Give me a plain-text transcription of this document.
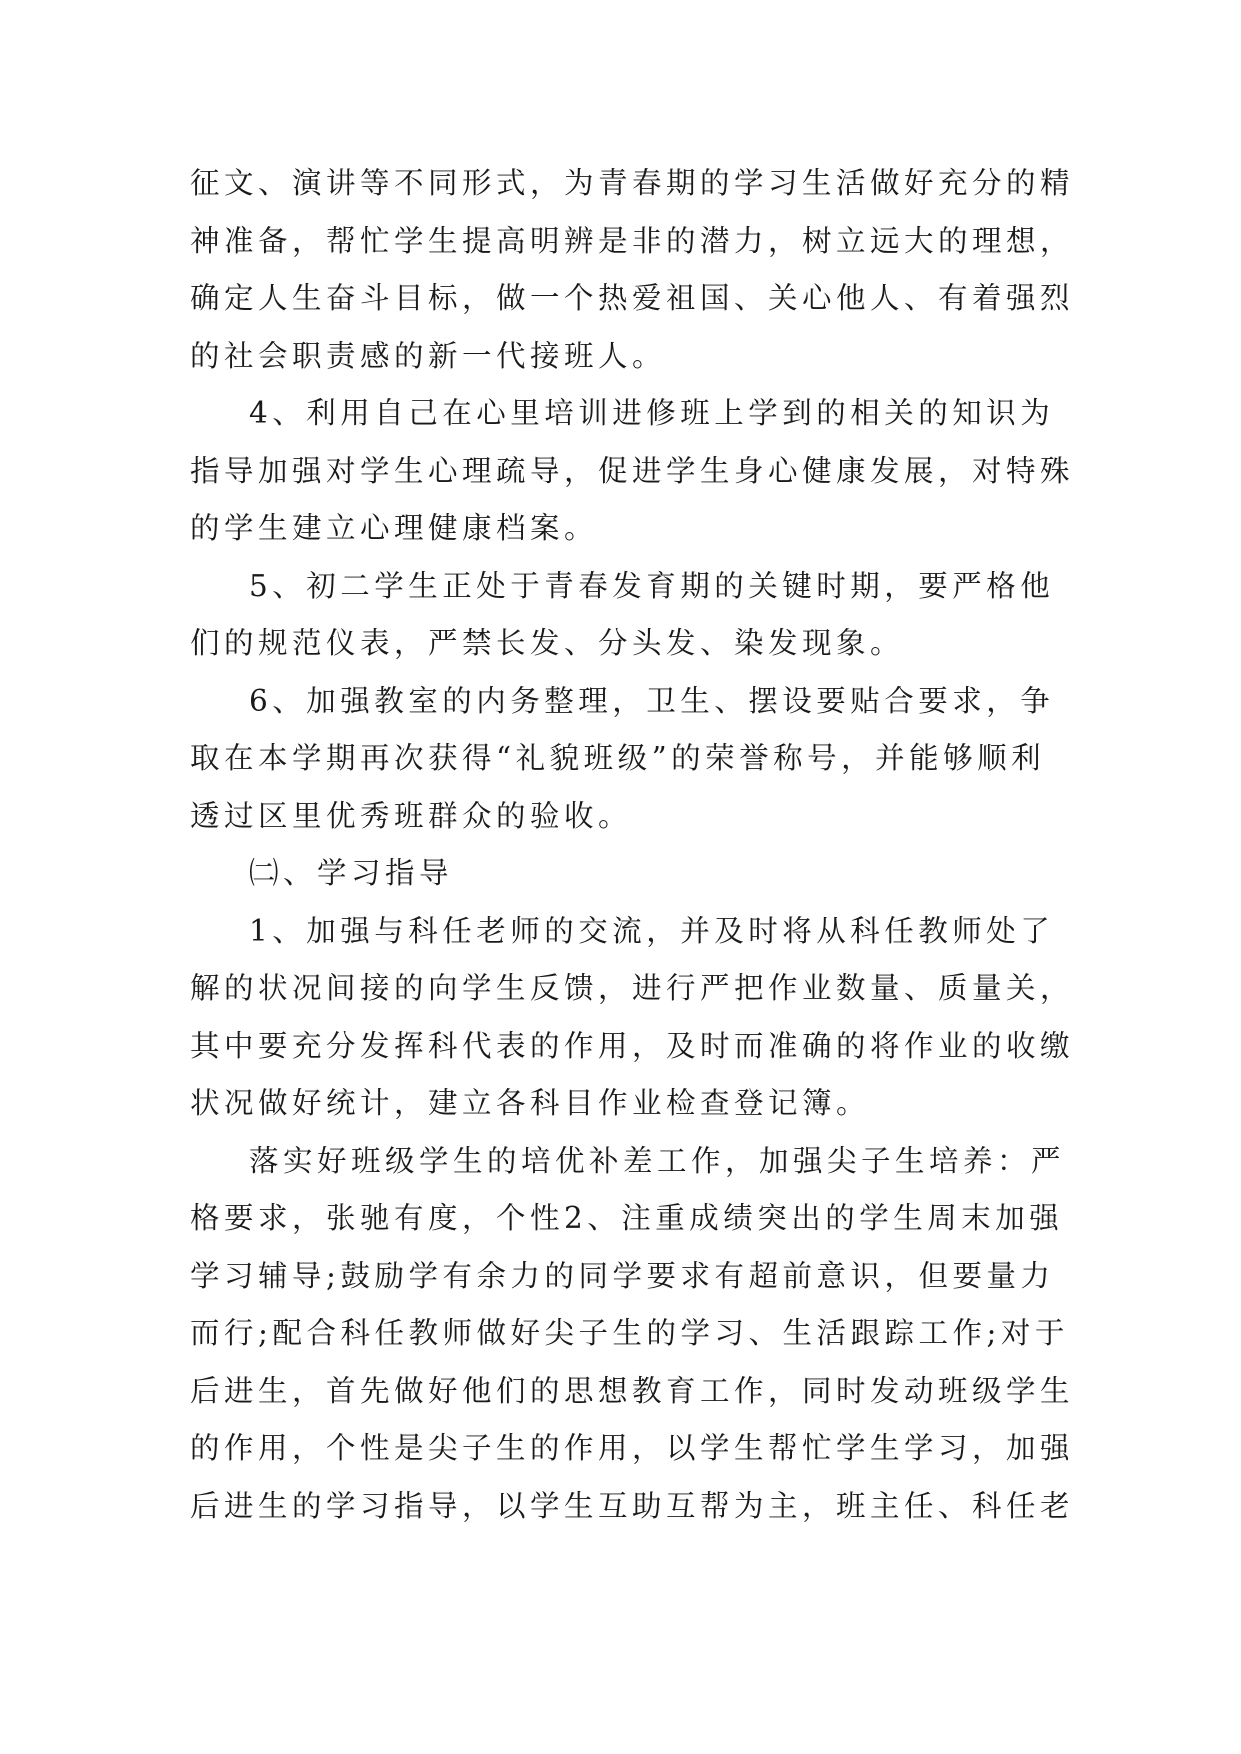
征文、演讲等不同形式，为青春期的学习生活做好充分的精

神准备，帮忙学生提高明辨是非的潜力，树立远大的理想，

确定人生奋斗目标，做一个热爱祖国、关心他人、有着强烈

的社会职责感的新一代接班人。

4、利用自己在心里培训进修班上学到的相关的知识为

指导加强对学生心理疏导，促进学生身心健康发展，对特殊

的学生建立心理健康档案。

5、初二学生正处于青春发育期的关键时期，要严格他

们的规范仪表，严禁长发、分头发、染发现象。

6、加强教室的内务整理，卫生、摆设要贴合要求，争

取在本学期再次获得“礼貌班级”的荣誉称号，并能够顺利

透过区里优秀班群众的验收。

㈡、学习指导

1、加强与科任老师的交流，并及时将从科任教师处了

解的状况间接的向学生反馈，进行严把作业数量、质量关，

其中要充分发挥科代表的作用，及时而准确的将作业的收缴

状况做好统计，建立各科目作业检查登记簿。

落实好班级学生的培优补差工作，加强尖子生培养：严

格要求，张驰有度，个性2、注重成绩突出的学生周末加强

学习辅导;鼓励学有余力的同学要求有超前意识，但要量力

而行;配合科任教师做好尖子生的学习、生活跟踪工作;对于

后进生，首先做好他们的思想教育工作，同时发动班级学生

的作用，个性是尖子生的作用，以学生帮忙学生学习，加强

后进生的学习指导，以学生互助互帮为主，班主任、科任老
